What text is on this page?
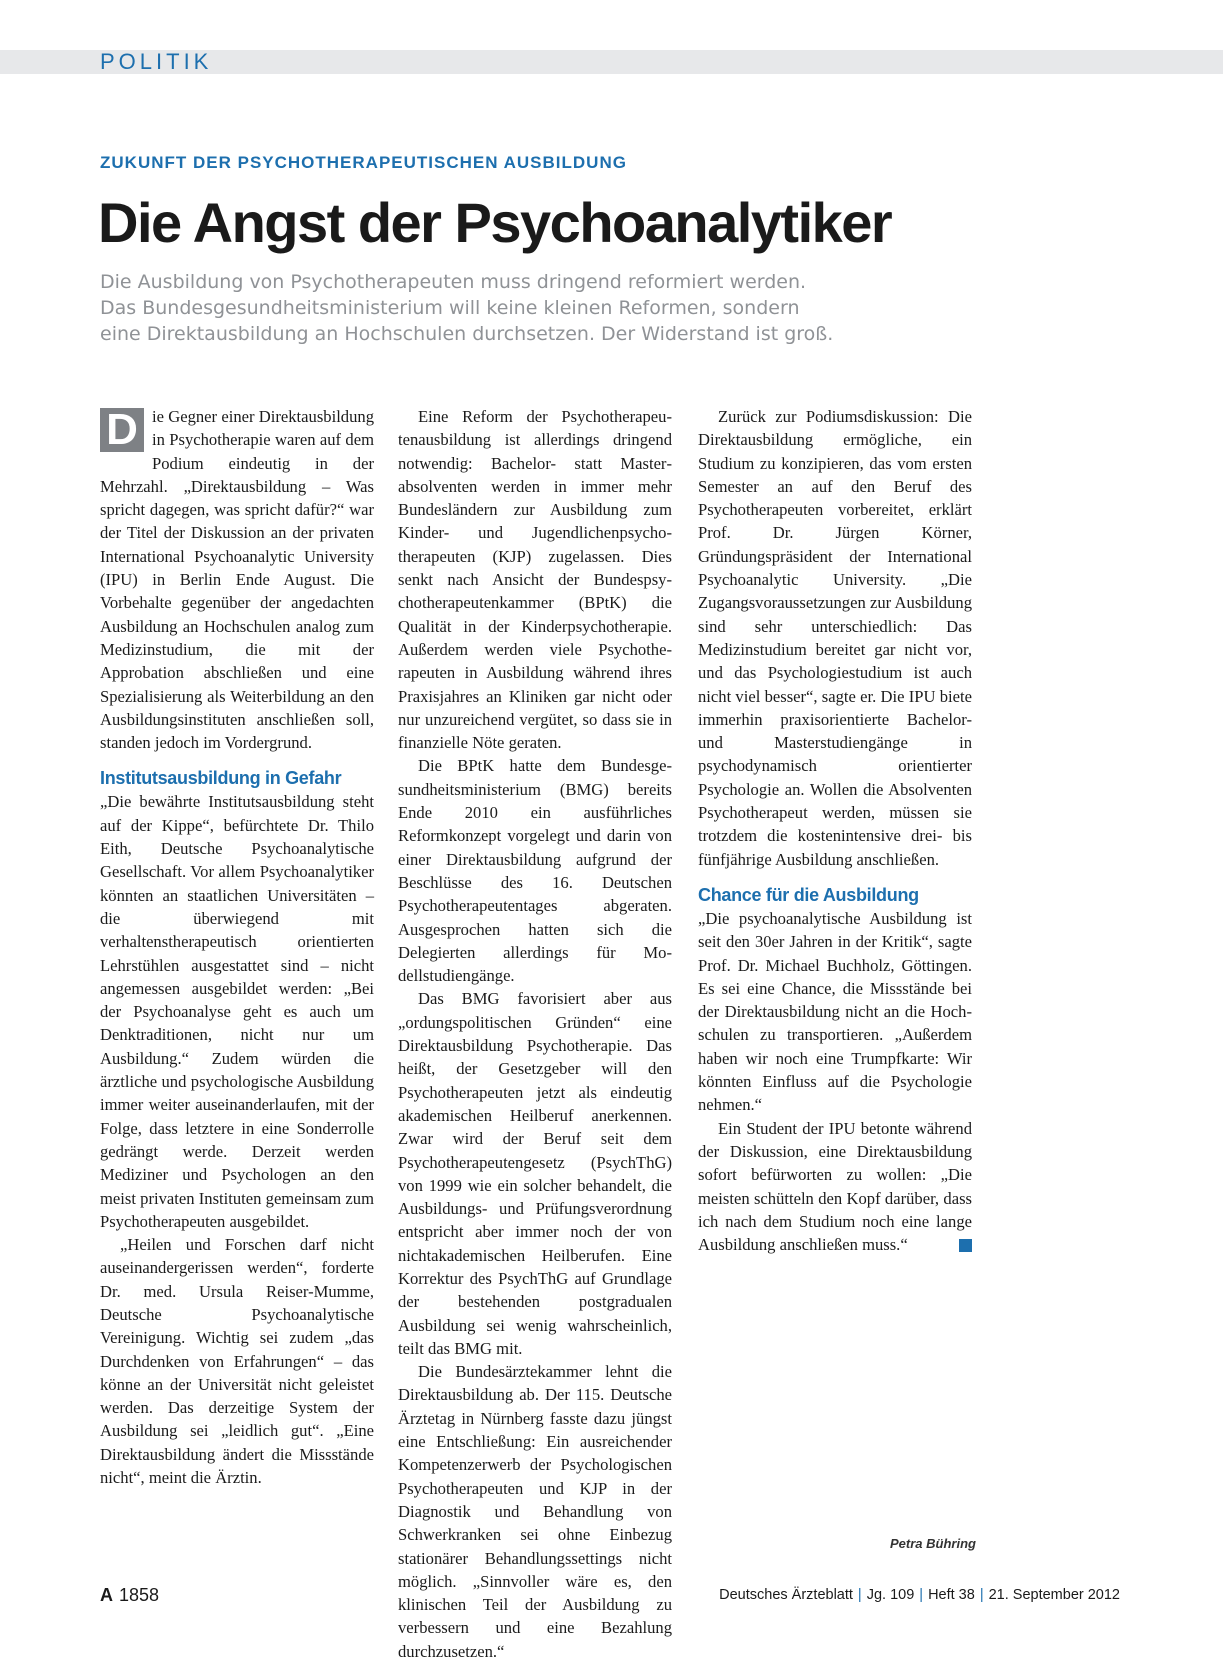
POLITIK
ZUKUNFT DER PSYCHOTHERAPEUTISCHEN AUSBILDUNG
Die Angst der Psychoanalytiker
Die Ausbildung von Psychotherapeuten muss dringend reformiert werden.
Das Bundesgesundheitsministerium will keine kleinen Reformen, sondern
eine Direktausbildung an Hochschulen durchsetzen. Der Widerstand ist groß.

D ie Gegner einer Direktausbildung in Psychotherapie waren auf dem Podium eindeutig in der Mehrzahl. „Direktausbildung – Was spricht dagegen, was spricht dafür?“ war der Titel der Diskussion an der privaten International Psychoanalytic University (IPU) in Berlin Ende August. Die Vorbehalte gegenüber der angedachten Ausbildung an Hochschulen analog zum Medizinstudium, die mit der Approbation abschließen und eine Spezialisierung als Weiterbildung an den Ausbildungsinstituten anschließen soll, standen jedoch im Vordergrund.

Institutsausbildung in Gefahr

„Die bewährte Institutsausbildung steht auf der Kippe“, befürchtete Dr. Thilo Eith, Deutsche Psychoanalytische Gesellschaft. Vor allem Psychoanalytiker könnten an staatlichen Universitäten – die überwiegend mit verhaltenstherapeutisch orientierten Lehrstühlen ausgestattet sind – nicht angemessen ausgebildet werden: „Bei der Psychoanalyse geht es auch um Denktraditionen, nicht nur um Ausbildung.“ Zudem würden die ärztliche und psychologische Ausbildung immer weiter auseinanderlaufen, mit der Folge, dass letztere in eine Sonderrolle gedrängt werde. Derzeit werden Mediziner und Psychologen an den meist privaten Instituten gemeinsam zum Psychotherapeuten ausgebildet.

„Heilen und Forschen darf nicht auseinandergerissen werden“, forderte Dr. med. Ursula Reiser-Mumme, Deutsche Psychoanalytische Vereinigung. Wichtig sei zudem „das Durchdenken von Erfahrungen“ – das könne an der Universität nicht geleistet werden. Das derzeitige System der Ausbildung sei „leidlich gut“. „Eine Direktausbildung ändert die Missstände nicht“, meint die Ärztin.

Eine Reform der Psychotherapeutenausbildung ist allerdings dringend notwendig: Bachelor- statt Masterabsolventen werden in immer mehr Bundesländern zur Ausbildung zum Kinder- und Jugendlichenpsychotherapeuten (KJP) zugelassen. Dies senkt nach Ansicht der Bundespsychotherapeutenkammer (BPtK) die Qualität in der Kinderpsychotherapie. Außerdem werden viele Psychotherapeuten in Ausbildung während ihres Praxisjahres an Kliniken gar nicht oder nur unzureichend vergütet, so dass sie in finanzielle Nöte geraten.

Die BPtK hatte dem Bundesgesundheitsministerium (BMG) bereits Ende 2010 ein ausführliches Reformkonzept vorgelegt und darin von einer Direktausbildung aufgrund der Beschlüsse des 16. Deutschen Psychotherapeutentages abgeraten. Ausgesprochen hatten sich die Delegierten allerdings für Modellstudiengänge.

Das BMG favorisiert aber aus „ordungspolitischen Gründen“ eine Direktausbildung Psychotherapie. Das heißt, der Gesetzgeber will den Psychotherapeuten jetzt als eindeutig akademischen Heilberuf anerkennen. Zwar wird der Beruf seit dem Psychotherapeutengesetz (PsychThG) von 1999 wie ein solcher behandelt, die Ausbildungs- und Prüfungsverordnung entspricht aber immer noch der von nichtakademischen Heilberufen. Eine Korrektur des PsychThG auf Grundlage der bestehenden postgradualen Ausbildung sei wenig wahrscheinlich, teilt das BMG mit.

Die Bundesärztekammer lehnt die Direktausbildung ab. Der 115. Deutsche Ärztetag in Nürnberg fasste dazu jüngst eine Entschließung: Ein ausreichender Kompetenzerwerb der Psychologischen Psychotherapeuten und KJP in der Diagnostik und Behandlung von Schwerkranken sei ohne Einbezug stationärer Behandlungssettings nicht möglich. „Sinnvoller wäre es, den klinischen Teil der Ausbildung zu verbessern und eine Bezahlung durchzusetzen.“

Zurück zur Podiumsdiskussion: Die Direktausbildung ermögliche, ein Studium zu konzipieren, das vom ersten Semester an auf den Beruf des Psychotherapeuten vorbereitet, erklärt Prof. Dr. Jürgen Körner, Gründungspräsident der International Psychoanalytic University. „Die Zugangsvoraussetzungen zur Ausbildung sind sehr unterschiedlich: Das Medizinstudium bereitet gar nicht vor, und das Psychologiestudium ist auch nicht viel besser“, sagte er. Die IPU biete immerhin praxisorientierte Bachelor- und Masterstudiengänge in psychodynamisch orientierter Psychologie an. Wollen die Absolventen Psychotherapeut werden, müssen sie trotzdem die kostenintensive drei- bis fünfjährige Ausbildung anschließen.

Chance für die Ausbildung

„Die psychoanalytische Ausbildung ist seit den 30er Jahren in der Kritik“, sagte Prof. Dr. Michael Buchholz, Göttingen. Es sei eine Chance, die Missstände bei der Direktausbildung nicht an die Hochschulen zu transportieren. „Außerdem haben wir noch eine Trumpfkarte: Wir könnten Einfluss auf die Psychologie nehmen.“

Ein Student der IPU betonte während der Diskussion, eine Direktausbildung sofort befürworten zu wollen: „Die meisten schütteln den Kopf darüber, dass ich nach dem Studium noch eine lange Ausbildung anschließen muss.“

Petra Bühring
A 1858	Deutsches Ärzteblatt | Jg. 109 | Heft 38 | 21. September 2012
